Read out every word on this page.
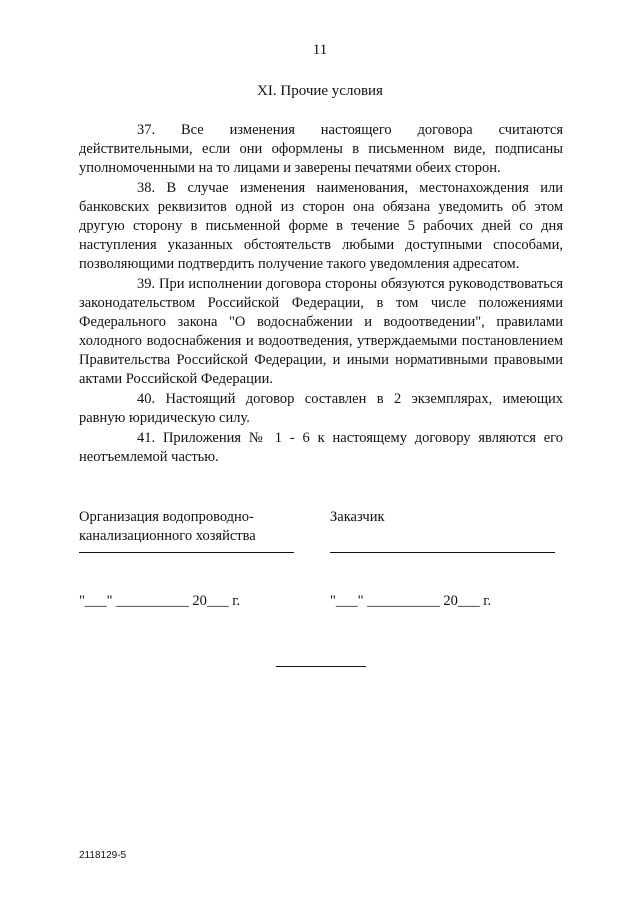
11
XI. Прочие условия

37. Все изменения настоящего договора считаются действительными, если они оформлены в письменном виде, подписаны уполномоченными на то лицами и заверены печатями обеих сторон.

38. В случае изменения наименования, местонахождения или банковских реквизитов одной из сторон она обязана уведомить об этом другую сторону в письменной форме в течение 5 рабочих дней со дня наступления указанных обстоятельств любыми доступными способами, позволяющими подтвердить получение такого уведомления адресатом.

39. При исполнении договора стороны обязуются руководствоваться законодательством Российской Федерации, в том числе положениями Федерального закона "О водоснабжении и водоотведении", правилами холодного водоснабжения и водоотведения, утверждаемыми постановлением Правительства Российской Федерации, и иными нормативными правовыми актами Российской Федерации.

40. Настоящий договор составлен в 2 экземплярах, имеющих равную юридическую силу.

41. Приложения № 1 - 6 к настоящему договору являются его неотъемлемой частью.

Организация водопроводно-канализационного хозяйства
Заказчик
"___" __________ 20___ г.	"___" __________ 20___ г.
2118129-5
